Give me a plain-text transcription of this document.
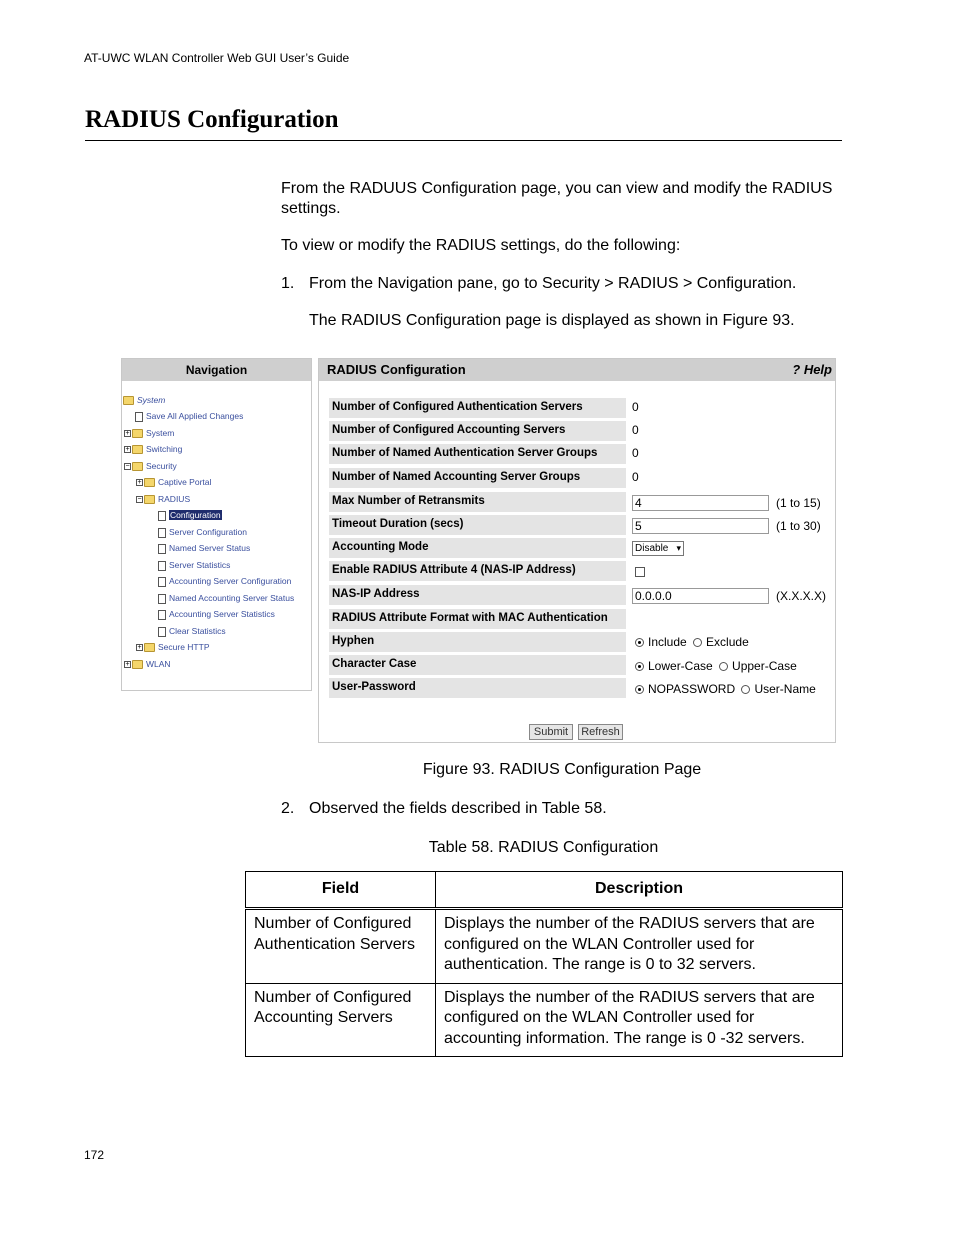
AT-UWC WLAN Controller Web GUI User’s Guide
RADIUS Configuration
From the RADUUS Configuration page, you can view and modify the RADIUS settings.
To view or modify the RADIUS settings, do the following:
1. From the Navigation pane, go to Security > RADIUS > Configuration.
The RADIUS Configuration page is displayed as shown in Figure 93.
Navigation
System
Save All Applied Changes
+ System
+ Switching
− Security
+ Captive Portal
− RADIUS
Configuration
Server Configuration
Named Server Status
Server Statistics
Accounting Server Configuration
Named Accounting Server Status
Accounting Server Statistics
Clear Statistics
+ Secure HTTP
+ WLAN
RADIUS Configuration	? Help
Number of Configured Authentication Servers	0
Number of Configured Accounting Servers	0
Number of Named Authentication Server Groups	0
Number of Named Accounting Server Groups	0
Max Number of Retransmits	4	(1 to 15)
Timeout Duration (secs)	5	(1 to 30)
Accounting Mode	Disable ▾
Enable RADIUS Attribute 4 (NAS-IP Address)
NAS-IP Address	0.0.0.0	(X.X.X.X)
RADIUS Attribute Format with MAC Authentication
Hyphen	Include Exclude
Character Case	Lower-Case Upper-Case
User-Password	NOPASSWORD User-Name
Submit	Refresh
Figure 93. RADIUS Configuration Page
2. Observed the fields described in Table 58.
Table 58. RADIUS Configuration
Field	Description
Number of Configured Authentication Servers	Displays the number of the RADIUS servers that are configured on the WLAN Controller used for authentication. The range is 0 to 32 servers.
Number of Configured Accounting Servers	Displays the number of the RADIUS servers that are configured on the WLAN Controller used for accounting information. The range is 0 -32 servers.
172
